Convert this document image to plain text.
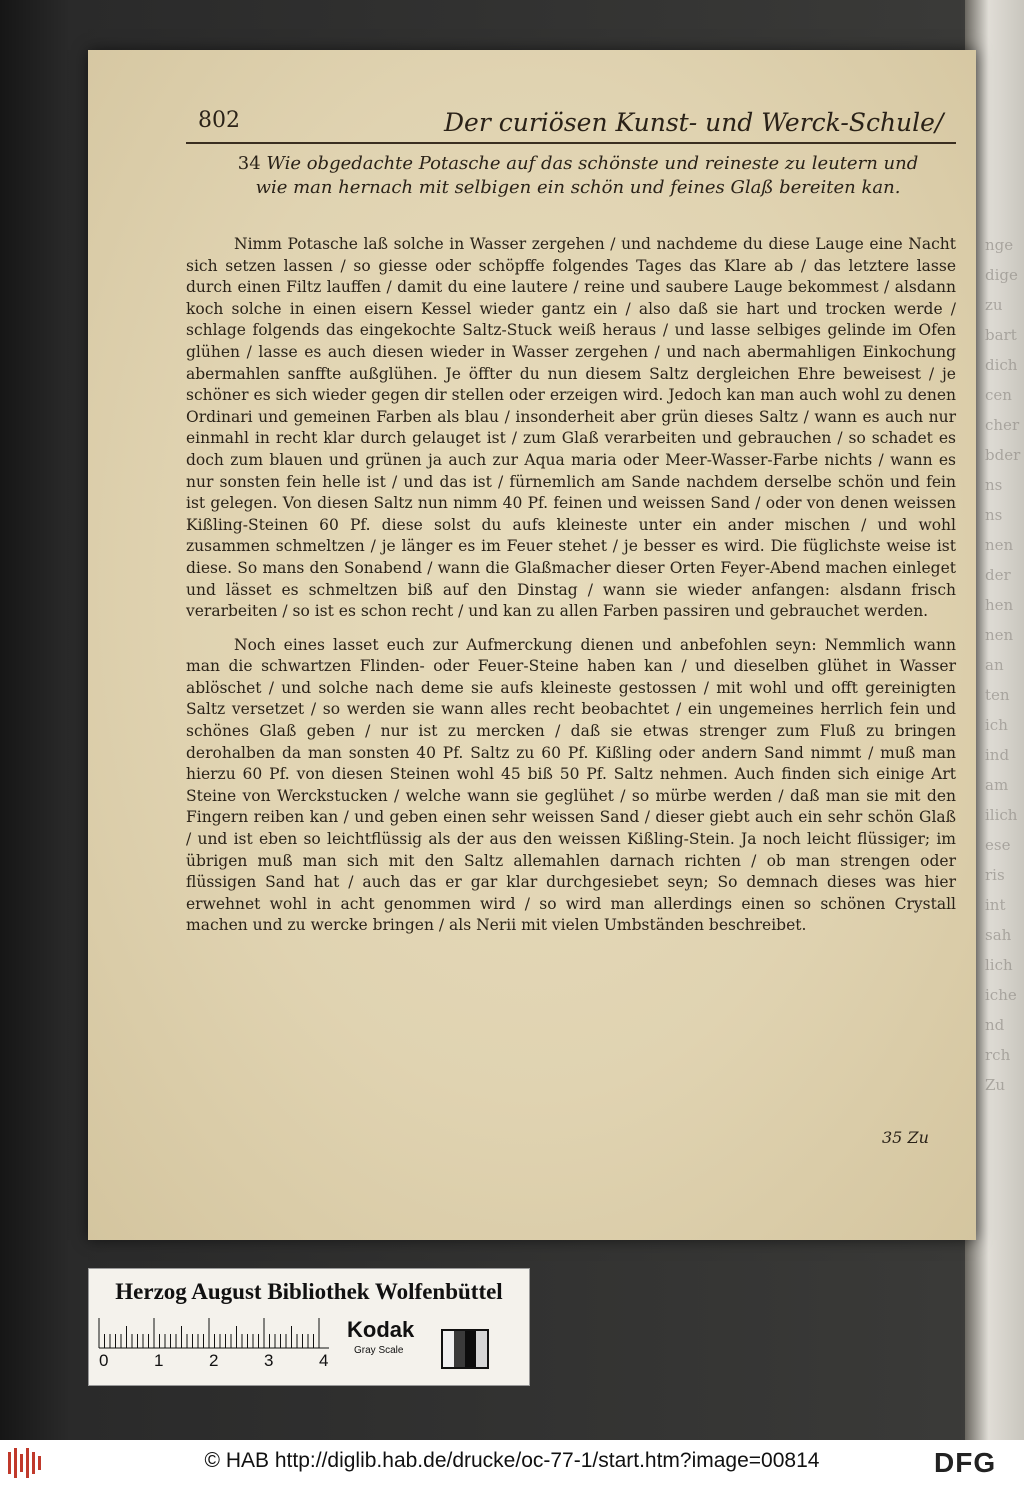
nge
dige
zu
bart
dich
cen
cher
bder
ns
ns
nen
der
hen
nen
an
ten
ich
ind
am
ilich
ese
ris
int
sah
lich
iche
nd
rch
Zu
802	Der curiösen Kunst- und Werck-Schule/
34 Wie obgedachte Potasche auf das schönste und reineste zu leutern und wie man hernach mit selbigen ein schön und feines Glaß bereiten kan.

Nimm Potasche laß solche in Wasser zergehen / und nachdeme du diese Lauge eine Nacht sich setzen lassen / so giesse oder schöpffe folgendes Tages das Klare ab / das letztere lasse durch einen Filtz lauffen / damit du eine lautere / reine und saubere Lauge bekommest / alsdann koch solche in einen eisern Kessel wieder gantz ein / also daß sie hart und trocken werde / schlage folgends das eingekochte Saltz-Stuck weiß heraus / und lasse selbiges gelinde im Ofen glühen / lasse es auch diesen wieder in Wasser zergehen / und nach abermahligen Einkochung abermahlen sanffte außglühen. Je öffter du nun diesem Saltz dergleichen Ehre beweisest / je schöner es sich wieder gegen dir stellen oder erzeigen wird. Jedoch kan man auch wohl zu denen Ordinari und gemeinen Farben als blau / insonderheit aber grün dieses Saltz / wann es auch nur einmahl in recht klar durch gelauget ist / zum Glaß verarbeiten und gebrauchen / so schadet es doch zum blauen und grünen ja auch zur Aqua maria oder Meer-Wasser-Farbe nichts / wann es nur sonsten fein helle ist / und das ist / fürnemlich am Sande nachdem derselbe schön und fein ist gelegen. Von diesen Saltz nun nimm 40 Pf. feinen und weissen Sand / oder von denen weissen Kißling-Steinen 60 Pf. diese solst du aufs kleineste unter ein ander mischen / und wohl zusammen schmeltzen / je länger es im Feuer stehet / je besser es wird. Die füglichste weise ist diese. So mans den Sonabend / wann die Glaßmacher dieser Orten Feyer-Abend machen einleget und lässet es schmeltzen biß auf den Dinstag / wann sie wieder anfangen: alsdann frisch verarbeiten / so ist es schon recht / und kan zu allen Farben passiren und gebrauchet werden.

Noch eines lasset euch zur Aufmerckung dienen und anbefohlen seyn: Nemmlich wann man die schwartzen Flinden- oder Feuer-Steine haben kan / und dieselben glühet in Wasser ablöschet / und solche nach deme sie aufs kleineste gestossen / mit wohl und offt gereinigten Saltz versetzet / so werden sie wann alles recht beobachtet / ein ungemeines herrlich fein und schönes Glaß geben / nur ist zu mercken / daß sie etwas strenger zum Fluß zu bringen derohalben da man sonsten 40 Pf. Saltz zu 60 Pf. Kißling oder andern Sand nimmt / muß man hierzu 60 Pf. von diesen Steinen wohl 45 biß 50 Pf. Saltz nehmen. Auch finden sich einige Art Steine von Werckstucken / welche wann sie geglühet / so mürbe werden / daß man sie mit den Fingern reiben kan / und geben einen sehr weissen Sand / dieser giebt auch ein sehr schön Glaß / und ist eben so leichtflüssig als der aus den weissen Kißling-Stein. Ja noch leicht flüssiger; im übrigen muß man sich mit den Saltz allemahlen darnach richten / ob man strengen oder flüssigen Sand hat / auch das er gar klar durchgesiebet seyn; So demnach dieses was hier erwehnet wohl in acht genommen wird / so wird man allerdings einen so schönen Crystall machen und zu wercke bringen / als Nerii mit vielen Umbständen beschreibet.

35 Zu
Herzog August Bibliothek Wolfenbüttel
0	1	2	3	4
Kodak
Gray Scale
© HAB http://diglib.hab.de/drucke/oc-77-1/start.htm?image=00814	DFG
